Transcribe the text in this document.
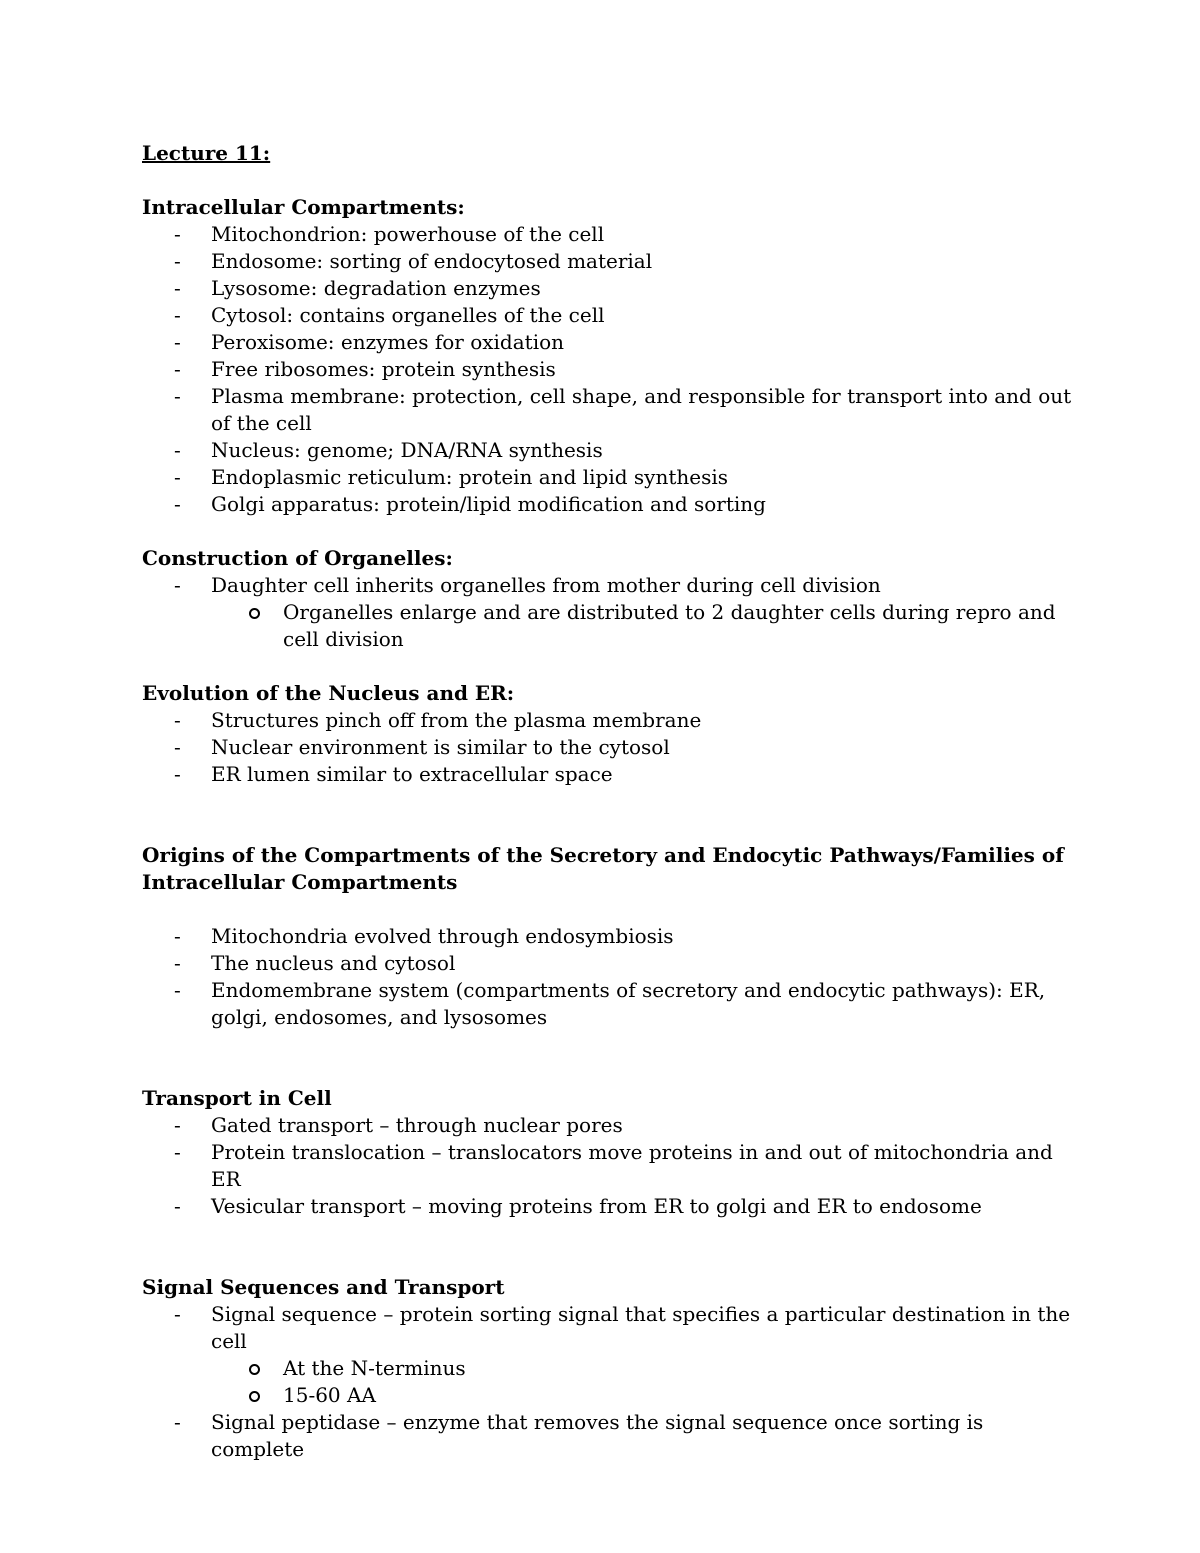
Lecture 11:
Intracellular Compartments:
- Mitochondrion: powerhouse of the cell
- Endosome: sorting of endocytosed material
- Lysosome: degradation enzymes
- Cytosol: contains organelles of the cell
- Peroxisome: enzymes for oxidation
- Free ribosomes: protein synthesis
- Plasma membrane: protection, cell shape, and responsible for transport into and out of the cell
- Nucleus: genome; DNA/RNA synthesis
- Endoplasmic reticulum: protein and lipid synthesis
- Golgi apparatus: protein/lipid modification and sorting
Construction of Organelles:
- Daughter cell inherits organelles from mother during cell division
Organelles enlarge and are distributed to 2 daughter cells during repro and cell division
Evolution of the Nucleus and ER:
- Structures pinch off from the plasma membrane
- Nuclear environment is similar to the cytosol
- ER lumen similar to extracellular space
Origins of the Compartments of the Secretory and Endocytic Pathways/Families of Intracellular Compartments
- Mitochondria evolved through endosymbiosis
- The nucleus and cytosol
- Endomembrane system (compartments of secretory and endocytic pathways): ER, golgi, endosomes, and lysosomes
Transport in Cell
- Gated transport – through nuclear pores
- Protein translocation – translocators move proteins in and out of mitochondria and ER
- Vesicular transport – moving proteins from ER to golgi and ER to endosome
Signal Sequences and Transport
- Signal sequence – protein sorting signal that specifies a particular destination in the cell
At the N-terminus
15-60 AA
- Signal peptidase – enzyme that removes the signal sequence once sorting is complete
